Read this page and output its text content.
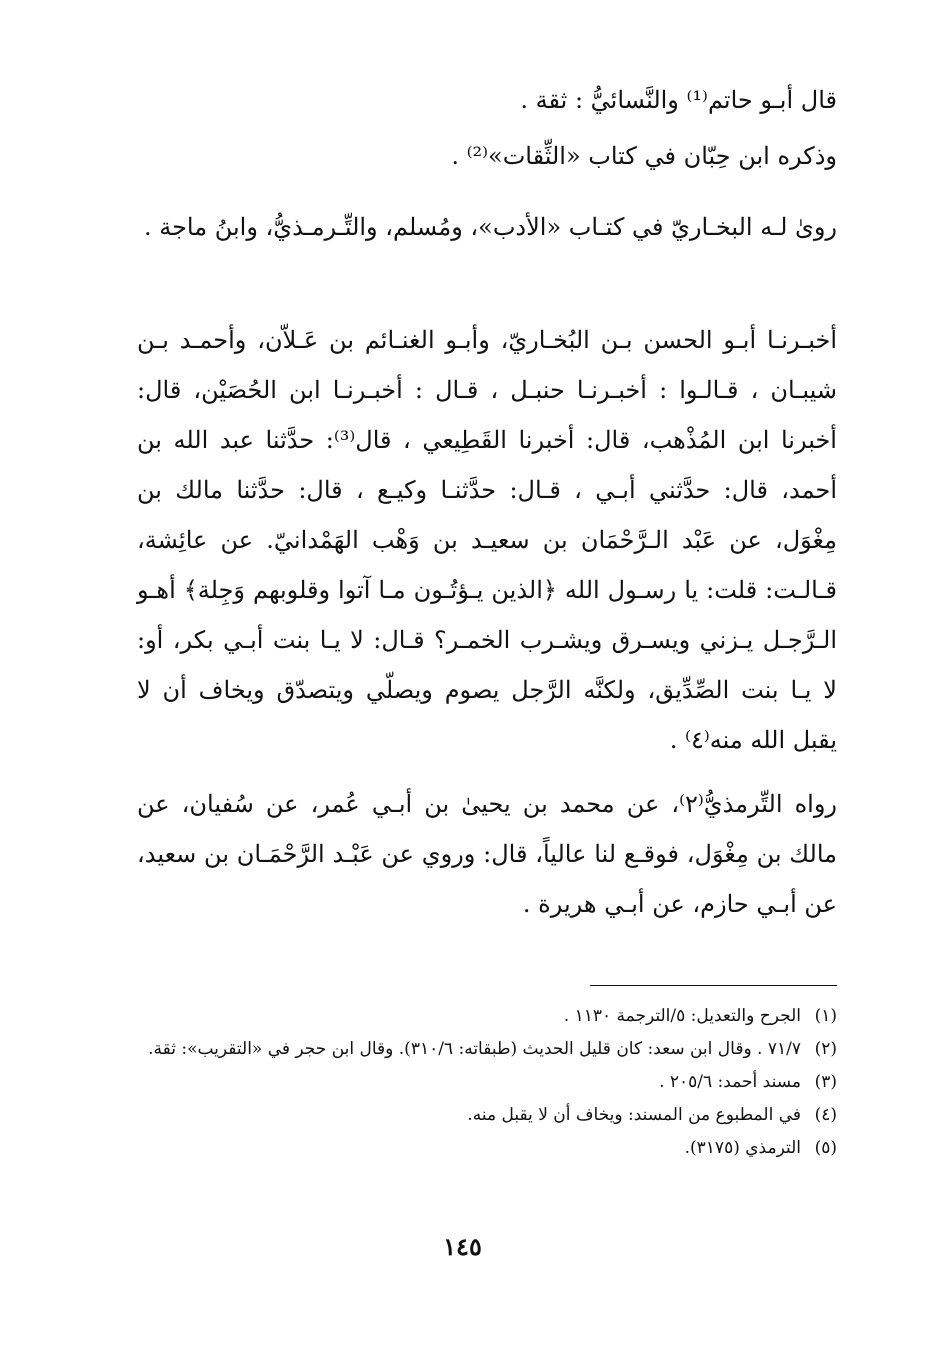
قال أبـو حاتم⁽¹⁾ والنَّسائيُّ : ثقة .

وذكره ابن حِبّان في كتاب «الثِّقات»⁽²⁾ .

روىٰ لـه البخـاريّ في كتـاب «الأدب»، ومُسلم، والتِّـرمـذيُّ، وابنُ ماجة .

أخبـرنـا أبـو الحسن بـن البُخـاريّ، وأبـو الغنـائم بن عَـلاّن، وأحمـد بـن شيبـان ، قـالـوا : أخبـرنـا حنبـل ، قـال : أخبـرنـا ابن الحُصَيْن، قال: أخبرنا ابن المُذْهب، قال: أخبرنا القَطِيعي ، قال⁽³⁾: حدَّثنا عبد الله بن أحمد، قال: حدَّثني أبـي ، قـال: حدَّثنـا وكيـع ، قال: حدَّثنا مالك بن مِغْوَل، عن عَبْد الـرَّحْمَان بن سعيـد بن وَهْب الهَمْدانيّ. عن عائِشة، قـالـت: قلت: يا رسـول الله ﴿الذين يـؤتُـون مـا آتوا وقلوبهم وَجِلة﴾ أهـو الـرَّجـل يـزني ويسـرق ويشـرب الخمـر؟ قـال: لا يـا بنت أبـي بكر، أو: لا يـا بنت الصِّدِّيق، ولكنَّه الرَّجل يصوم ويصلّي ويتصدّق ويخاف أن لا يقبل الله منه⁽٤⁾ .

رواه التِّرمذيُّ⁽٢⁾، عن محمد بن يحيىٰ بن أبـي عُمر، عن سُفيان، عن مالك بن مِغْوَل، فوقـع لنا عالياً، قال: وروي عن عَبْـد الرَّحْمَـان بن سعيد، عن أبـي حازم، عن أبـي هريرة .

(١)
الجرح والتعديل: ٥/الترجمة ١١٣٠ .
(٢)
٧١/٧ . وقال ابن سعد: كان قليل الحديث (طبقاته: ٣١٠/٦). وقال ابن حجر في «التقريب»: ثقة.
(٣)
مسند أحمد: ٢٠٥/٦ .
(٤)
في المطبوع من المسند: ويخاف أن لا يقبل منه.
(٥)
الترمذي (٣١٧٥).
١٤٥
